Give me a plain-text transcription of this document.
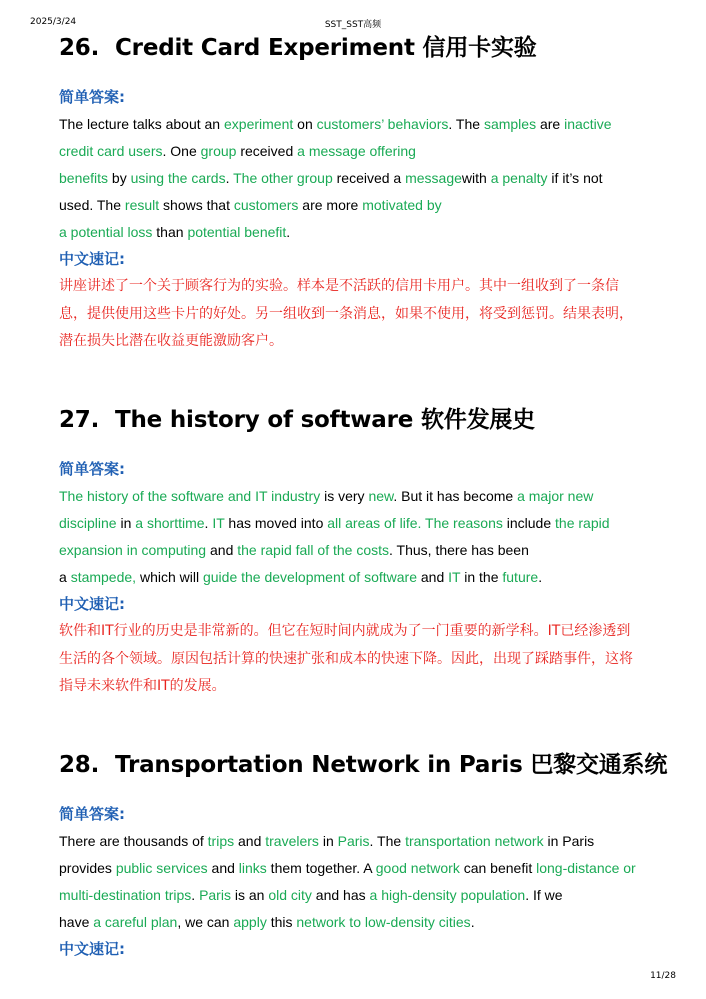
2025/3/24	SST_SST高频
26. Credit Card Experiment 信用卡实验
简单答案:
The lecture talks about an experiment on customers’ behaviors. The samples are inactive
credit card users. One group received a message offering
benefits by using the cards. The other group received a messagewith a penalty if it’s not
used. The result shows that customers are more motivated by
a potential loss than potential benefit.
中文速记:
讲座讲述了一个关于顾客行为的实验。样本是不活跃的信用卡用户。其中一组收到了一条信
息，提供使用这些卡片的好处。另一组收到一条消息，如果不使用，将受到惩罚。结果表明，
潜在损失比潜在收益更能激励客户。
27. The history of software 软件发展史
简单答案:
The history of the software and IT industry is very new. But it has become a major new
discipline in a shorttime. IT has moved into all areas of life. The reasons include the rapid
expansion in computing and the rapid fall of the costs. Thus, there has been
a stampede, which will guide the development of software and IT in the future.
中文速记:
软件和IT行业的历史是非常新的。但它在短时间内就成为了一门重要的新学科。IT已经渗透到
生活的各个领域。原因包括计算的快速扩张和成本的快速下降。因此，出现了踩踏事件，这将
指导未来软件和IT的发展。
28. Transportation Network in Paris 巴黎交通系统
简单答案:
There are thousands of trips and travelers in Paris. The transportation network in Paris
provides public services and links them together. A good network can benefit long-distance or
multi-destination trips. Paris is an old city and has a high-density population. If we
have a careful plan, we can apply this network to low-density cities.
中文速记:
11/28
